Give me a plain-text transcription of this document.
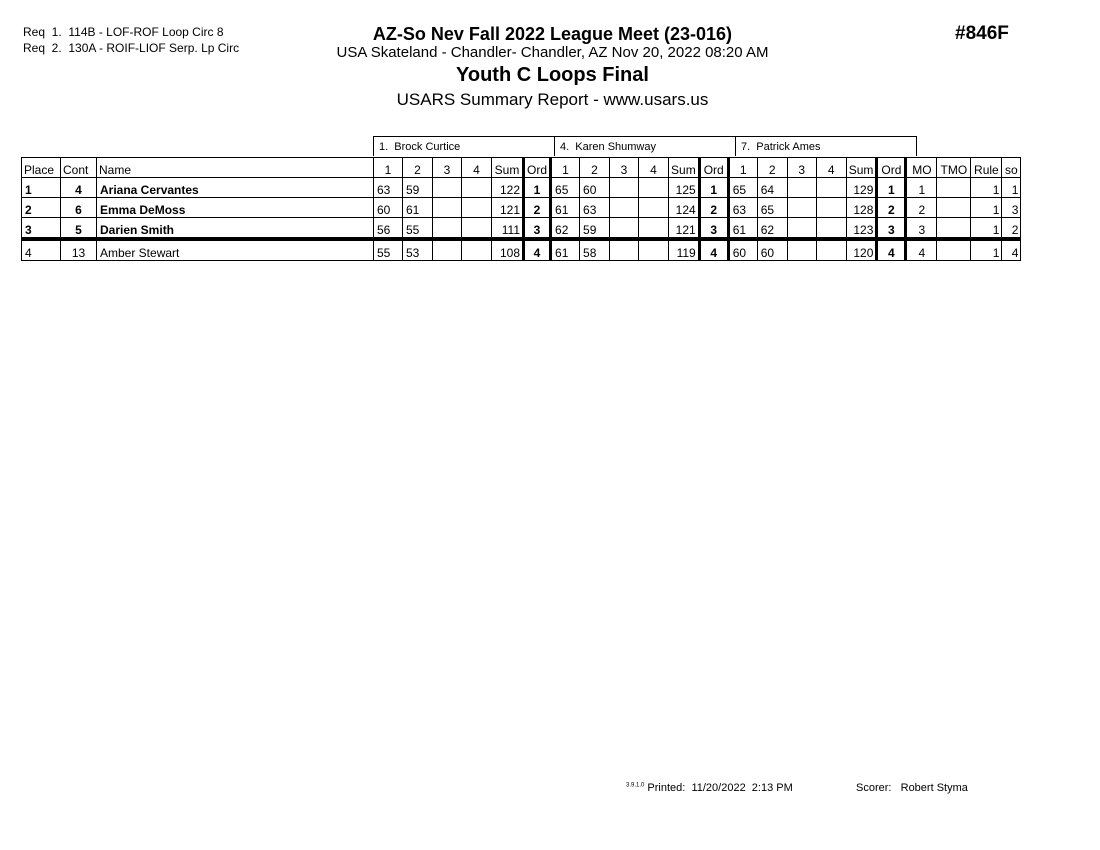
Req  1.  114B - LOF-ROF Loop Circ 8
Req  2.  130A - ROIF-LIOF Serp. Lp Circ
AZ-So Nev Fall 2022 League Meet (23-016)
USA Skateland - Chandler- Chandler, AZ Nov 20, 2022 08:20 AM
Youth C Loops Final
USARS Summary Report - www.usars.us
#846F
1.  Brock Curtice	4.  Karen Shumway	7.  Patrick Ames
Place	Cont	Name	1	2	3	4	Sum	Ord	1	2	3	4	Sum	Ord	1	2	3	4	Sum	Ord	MO	TMO	Rule	so
1	4	Ariana Cervantes	63	59			122	1	65	60			125	1	65	64			129	1	1		1	1
2	6	Emma DeMoss	60	61			121	2	61	63			124	2	63	65			128	2	2		1	3
3	5	Darien Smith	56	55			111	3	62	59			121	3	61	62			123	3	3		1	2
4	13	Amber Stewart	55	53			108	4	61	58			119	4	60	60			120	4	4		1	4
$^{3.9.1.0}$ Printed:  11/20/2022  2:13 PM	Scorer:   Robert Styma
